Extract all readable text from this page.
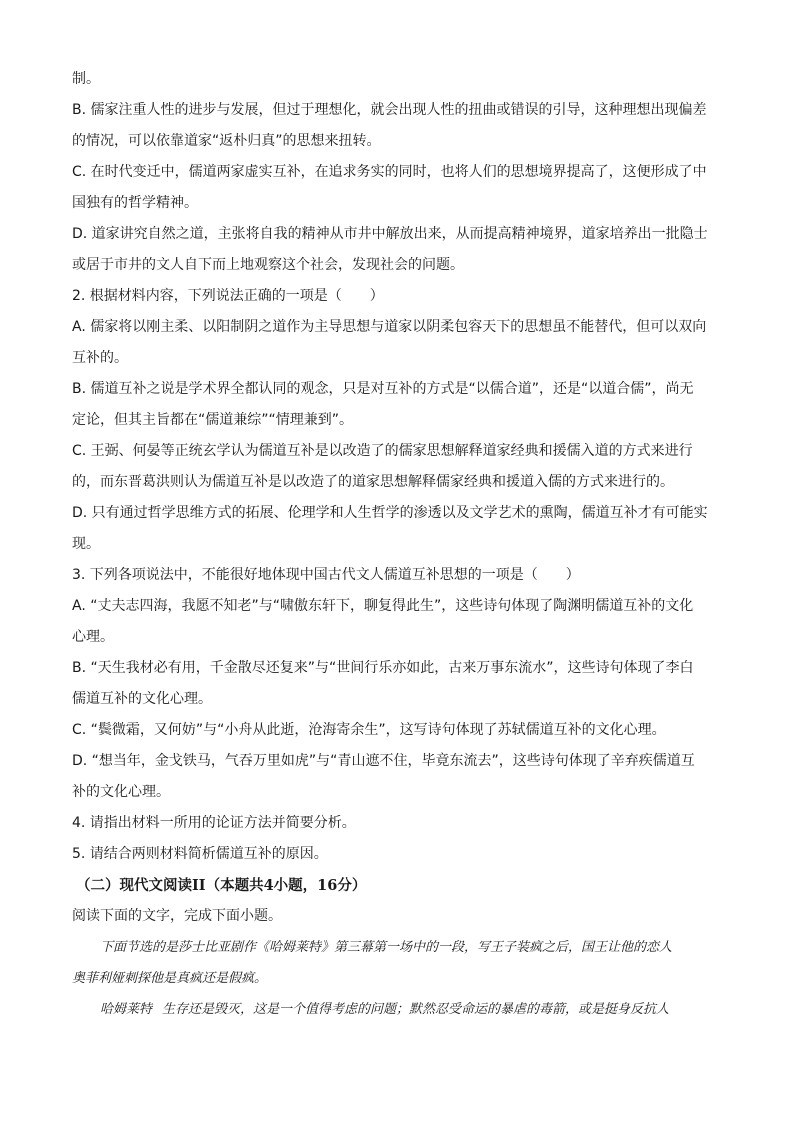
制。
B. 儒家注重人性的进步与发展，但过于理想化，就会出现人性的扭曲或错误的引导，这种理想出现偏差
的情况，可以依靠道家“返朴归真”的思想来扭转。
C. 在时代变迁中，儒道两家虚实互补，在追求务实的同时，也将人们的思想境界提高了，这便形成了中
国独有的哲学精神。
D. 道家讲究自然之道，主张将自我的精神从市井中解放出来，从而提高精神境界，道家培养出一批隐士
或居于市井的文人自下而上地观察这个社会，发现社会的问题。
2. 根据材料内容，下列说法正确的一项是（　　）
A. 儒家将以刚主柔、以阳制阴之道作为主导思想与道家以阴柔包容天下的思想虽不能替代，但可以双向
互补的。
B. 儒道互补之说是学术界全都认同的观念，只是对互补的方式是“以儒合道”，还是“以道合儒”，尚无
定论，但其主旨都在“儒道兼综”“情理兼到”。
C. 王弼、何晏等正统玄学认为儒道互补是以改造了的儒家思想解释道家经典和援儒入道的方式来进行
的，而东晋葛洪则认为儒道互补是以改造了的道家思想解释儒家经典和援道入儒的方式来进行的。
D. 只有通过哲学思维方式的拓展、伦理学和人生哲学的渗透以及文学艺术的熏陶，儒道互补才有可能实
现。
3. 下列各项说法中，不能很好地体现中国古代文人儒道互补思想的一项是（　　）
A. “丈夫志四海，我愿不知老”与“啸傲东轩下，聊复得此生”，这些诗句体现了陶渊明儒道互补的文化
心理。
B. “天生我材必有用，千金散尽还复来”与“世间行乐亦如此，古来万事东流水”，这些诗句体现了李白
儒道互补的文化心理。
C. “鬓微霜，又何妨”与“小舟从此逝，沧海寄余生”，这写诗句体现了苏轼儒道互补的文化心理。
D. “想当年，金戈铁马，气吞万里如虎”与“青山遮不住，毕竟东流去”，这些诗句体现了辛弃疾儒道互
补的文化心理。
4. 请指出材料一所用的论证方法并简要分析。
5. 请结合两则材料简析儒道互补的原因。
（二）现代文阅读II（本题共4小题，16分）
阅读下面的文字，完成下面小题。
下面节选的是莎士比亚剧作《哈姆莱特》第三幕第一场中的一段，写王子装疯之后，国王让他的恋人
奥菲利娅刺探他是真疯还是假疯。
哈姆莱特 生存还是毁灭，这是一个值得考虑的问题；默然忍受命运的暴虐的毒箭，或是挺身反抗人
